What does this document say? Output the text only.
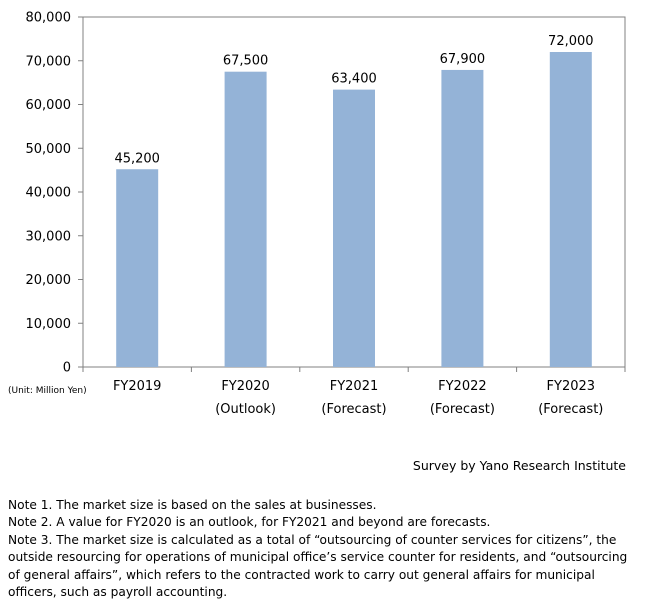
0
10,000
20,000
30,000
40,000
50,000
60,000
70,000
80,000
45,200
FY2019
67,500
FY2020
(Outlook)
63,400
FY2021
(Forecast)
67,900
FY2022
(Forecast)
72,000
FY2023
(Forecast)
(Unit: Million Yen)
Survey by Yano Research Institute

Note 1. The market size is based on the sales at businesses.

Note 2. A value for FY2020 is an outlook, for FY2021 and beyond are forecasts.

Note 3. The market size is calculated as a total of “outsourcing of counter services for citizens”, the outside resourcing for operations of municipal office’s service counter for residents, and “outsourcing of general affairs”, which refers to the contracted work to carry out general affairs for municipal officers, such as payroll accounting.
